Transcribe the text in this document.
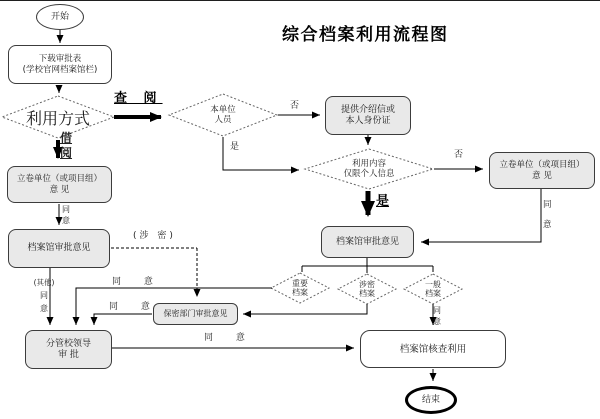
综合档案利用流程图
开始
下载审批表
(学校官网档案馆栏)
提供介绍信或
本人身份证
立卷单位（或项目组）
意 见
立卷单位（或项目组）
意 见
档案馆审批意见
档案馆审批意见
保密部门审批意见
分管校领导
审 批	档案馆核查利用
结束
利用方式	本单位
人员
利用内容
仅限个人信息
重要
档案
涉密
档案
一般
档案
查 阅
借
阅
否
是
否
是	同
意
同
意
(涉 密)
(其他)
同
意
同 意
同 意
同 意
同
意
